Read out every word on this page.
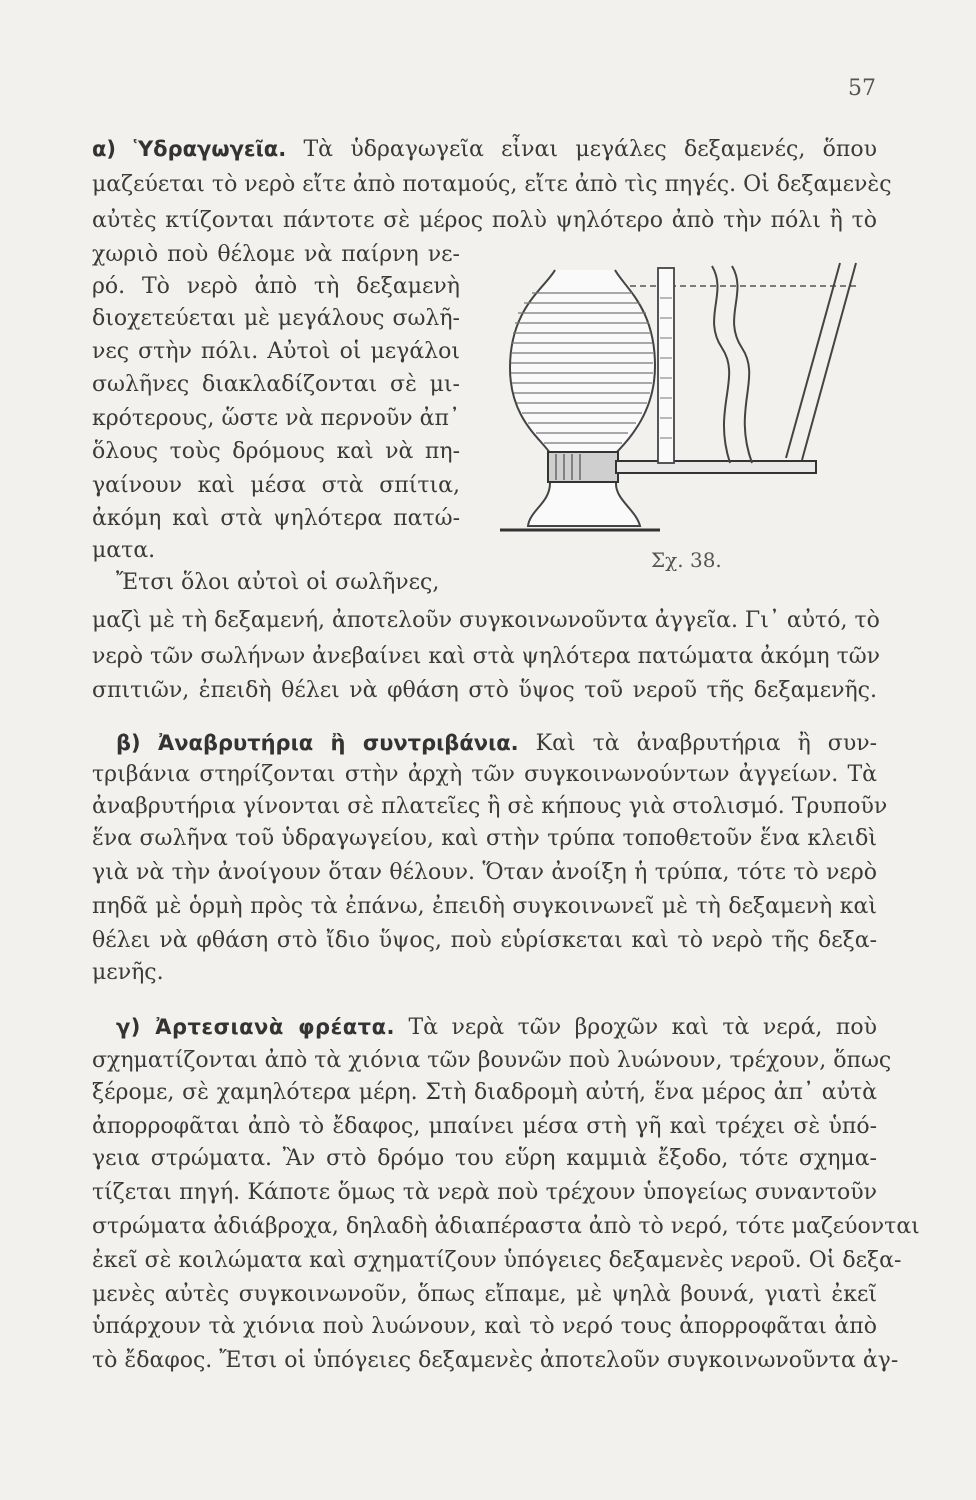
57
α) Ὑδραγωγεῖα. Τὰ ὑδραγωγεῖα εἶναι μεγάλες δεξαμενές, ὅπου
μαζεύεται τὸ νερὸ εἴτε ἀπὸ ποταμούς, εἴτε ἀπὸ τὶς πηγές. Οἱ δεξαμενὲς
αὐτὲς κτίζονται πάντοτε σὲ μέρος πολὺ ψηλότερο ἀπὸ τὴν πόλι ἢ τὸ
χωριὸ ποὺ θέλομε νὰ παίρνη νε-
ρό. Τὸ νερὸ ἀπὸ τὴ δεξαμενὴ
διοχετεύεται μὲ μεγάλους σωλῆ-
νες στὴν πόλι. Αὐτοὶ οἱ μεγάλοι
σωλῆνες διακλαδίζονται σὲ μι-
κρότερους, ὥστε νὰ περνοῦν ἀπ᾿
ὅλους τοὺς δρόμους καὶ νὰ πη-
γαίνουν καὶ μέσα στὰ σπίτια,
ἀκόμη καὶ στὰ ψηλότερα πατώ-
ματα.
Ἔτσι ὅλοι αὐτοὶ οἱ σωλῆνες,
μαζὶ μὲ τὴ δεξαμενή, ἀποτελοῦν συγκοινωνοῦντα ἀγγεῖα. Γι᾿ αὐτό, τὸ
νερὸ τῶν σωλήνων ἀνεβαίνει καὶ στὰ ψηλότερα πατώματα ἀκόμη τῶν
σπιτιῶν, ἐπειδὴ θέλει νὰ φθάση στὸ ὕψος τοῦ νεροῦ τῆς δεξαμενῆς.
Σχ. 38.
β) Ἀναβρυτήρια ἢ συντριβάνια. Καὶ τὰ ἀναβρυτήρια ἢ συν-
τριβάνια στηρίζονται στὴν ἀρχὴ τῶν συγκοινωνούντων ἀγγείων. Τὰ
ἀναβρυτήρια γίνονται σὲ πλατεῖες ἢ σὲ κήπους γιὰ στολισμό. Τρυποῦν
ἕνα σωλῆνα τοῦ ὑδραγωγείου, καὶ στὴν τρύπα τοποθετοῦν ἕνα κλειδὶ
γιὰ νὰ τὴν ἀνοίγουν ὅταν θέλουν. Ὅταν ἀνοίξη ἡ τρύπα, τότε τὸ νερὸ
πηδᾶ μὲ ὁρμὴ πρὸς τὰ ἐπάνω, ἐπειδὴ συγκοινωνεῖ μὲ τὴ δεξαμενὴ καὶ
θέλει νὰ φθάση στὸ ἴδιο ὕψος, ποὺ εὑρίσκεται καὶ τὸ νερὸ τῆς δεξα-
μενῆς.
γ) Ἀρτεσιανὰ φρέατα. Τὰ νερὰ τῶν βροχῶν καὶ τὰ νερά, ποὺ
σχηματίζονται ἀπὸ τὰ χιόνια τῶν βουνῶν ποὺ λυώνουν, τρέχουν, ὅπως
ξέρομε, σὲ χαμηλότερα μέρη. Στὴ διαδρομὴ αὐτή, ἕνα μέρος ἀπ᾿ αὐτὰ
ἀπορροφᾶται ἀπὸ τὸ ἔδαφος, μπαίνει μέσα στὴ γῆ καὶ τρέχει σὲ ὑπό-
γεια στρώματα. Ἂν στὸ δρόμο του εὕρη καμμιὰ ἔξοδο, τότε σχημα-
τίζεται πηγή. Κάποτε ὅμως τὰ νερὰ ποὺ τρέχουν ὑπογείως συναντοῦν
στρώματα ἀδιάβροχα, δηλαδὴ ἀδιαπέραστα ἀπὸ τὸ νερό, τότε μαζεύονται
ἐκεῖ σὲ κοιλώματα καὶ σχηματίζουν ὑπόγειες δεξαμενὲς νεροῦ. Οἱ δεξα-
μενὲς αὐτὲς συγκοινωνοῦν, ὅπως εἴπαμε, μὲ ψηλὰ βουνά, γιατὶ ἐκεῖ
ὑπάρχουν τὰ χιόνια ποὺ λυώνουν, καὶ τὸ νερό τους ἀπορροφᾶται ἀπὸ
τὸ ἔδαφος. Ἔτσι οἱ ὑπόγειες δεξαμενὲς ἀποτελοῦν συγκοινωνοῦντα ἀγ-
